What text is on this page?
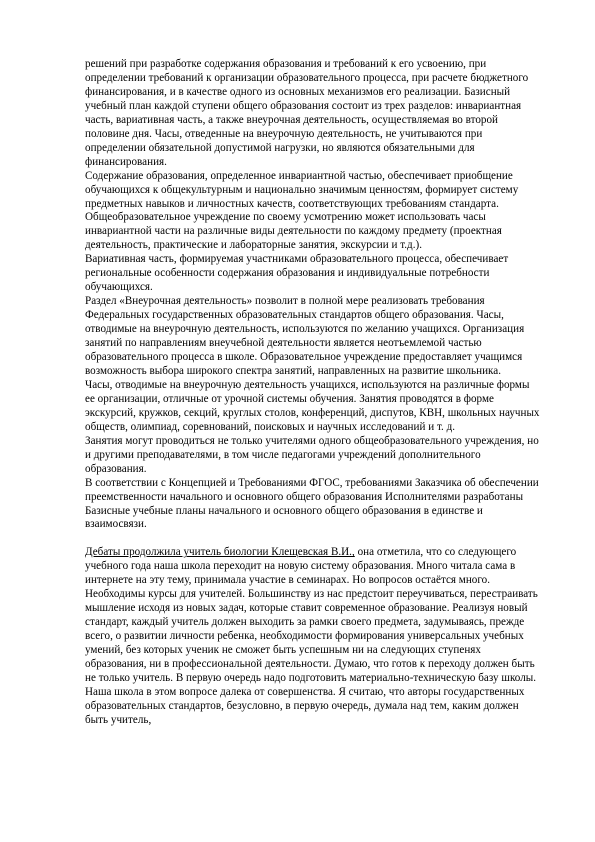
решений при разработке содержания образования и требований к его усвоению, при определении требований к организации образовательного процесса, при расчете бюджетного финансирования, и в качестве одного из основных механизмов его реализации. Базисный учебный план каждой ступени общего образования состоит из трех разделов: инвариантная часть, вариативная часть, а также внеурочная деятельность, осуществляемая во второй половине дня. Часы, отведенные на внеурочную деятельность, не учитываются при определении обязательной допустимой нагрузки, но являются обязательными для финансирования.

Содержание образования, определенное инвариантной частью, обеспечивает приобщение обучающихся к общекультурным и национально значимым ценностям, формирует систему предметных навыков и личностных качеств, соответствующих требованиям стандарта. Общеобразовательное учреждение по своему усмотрению может использовать часы инвариантной части на различные виды деятельности по каждому предмету (проектная деятельность, практические и лабораторные занятия, экскурсии и т.д.).

Вариативная часть, формируемая участниками образовательного процесса, обеспечивает региональные особенности содержания образования и индивидуальные потребности обучающихся.

Раздел «Внеурочная деятельность» позволит в полной мере реализовать требования Федеральных государственных образовательных стандартов общего образования. Часы, отводимые на внеурочную деятельность, используются по желанию учащихся. Организация занятий по направлениям внеучебной деятельности является неотъемлемой частью образовательного процесса в школе. Образовательное учреждение предоставляет учащимся возможность выбора широкого спектра занятий, направленных на развитие школьника.

Часы, отводимые на внеурочную деятельность учащихся, используются на различные формы ее организации, отличные от урочной системы обучения. Занятия проводятся в форме экскурсий, кружков, секций, круглых столов, конференций, диспутов, КВН, школьных научных обществ, олимпиад, соревнований, поисковых и научных исследований и т. д.

Занятия могут проводиться не только учителями одного общеобразовательного учреждения, но и другими преподавателями, в том числе педагогами учреждений дополнительного образования.

В соответствии с Концепцией и Требованиями ФГОС, требованиями Заказчика об обеспечении преемственности начального и основного общего образования Исполнителями разработаны Базисные учебные планы начального и основного общего образования в единстве и взаимосвязи.

Дебаты продолжила учитель биологии Клещевская В.И., она отметила, что со следующего учебного года наша школа переходит на новую систему образования. Много читала сама в интернете на эту тему, принимала участие в семинарах. Но вопросов остаётся много. Необходимы курсы для учителей. Большинству из нас предстоит переучиваться, перестраивать мышление исходя из новых задач, которые ставит современное образование. Реализуя новый стандарт, каждый учитель должен выходить за рамки своего предмета, задумываясь, прежде всего, о развитии личности ребенка, необходимости формирования универсальных учебных умений, без которых ученик не сможет быть успешным ни на следующих ступенях образования, ни в профессиональной деятельности. Думаю, что готов к переходу должен быть не только учитель. В первую очередь надо подготовить материально-техническую базу школы. Наша школа в этом вопросе далека от совершенства. Я считаю, что авторы государственных образовательных стандартов, безусловно, в первую очередь, думала над тем, каким должен быть учитель,
